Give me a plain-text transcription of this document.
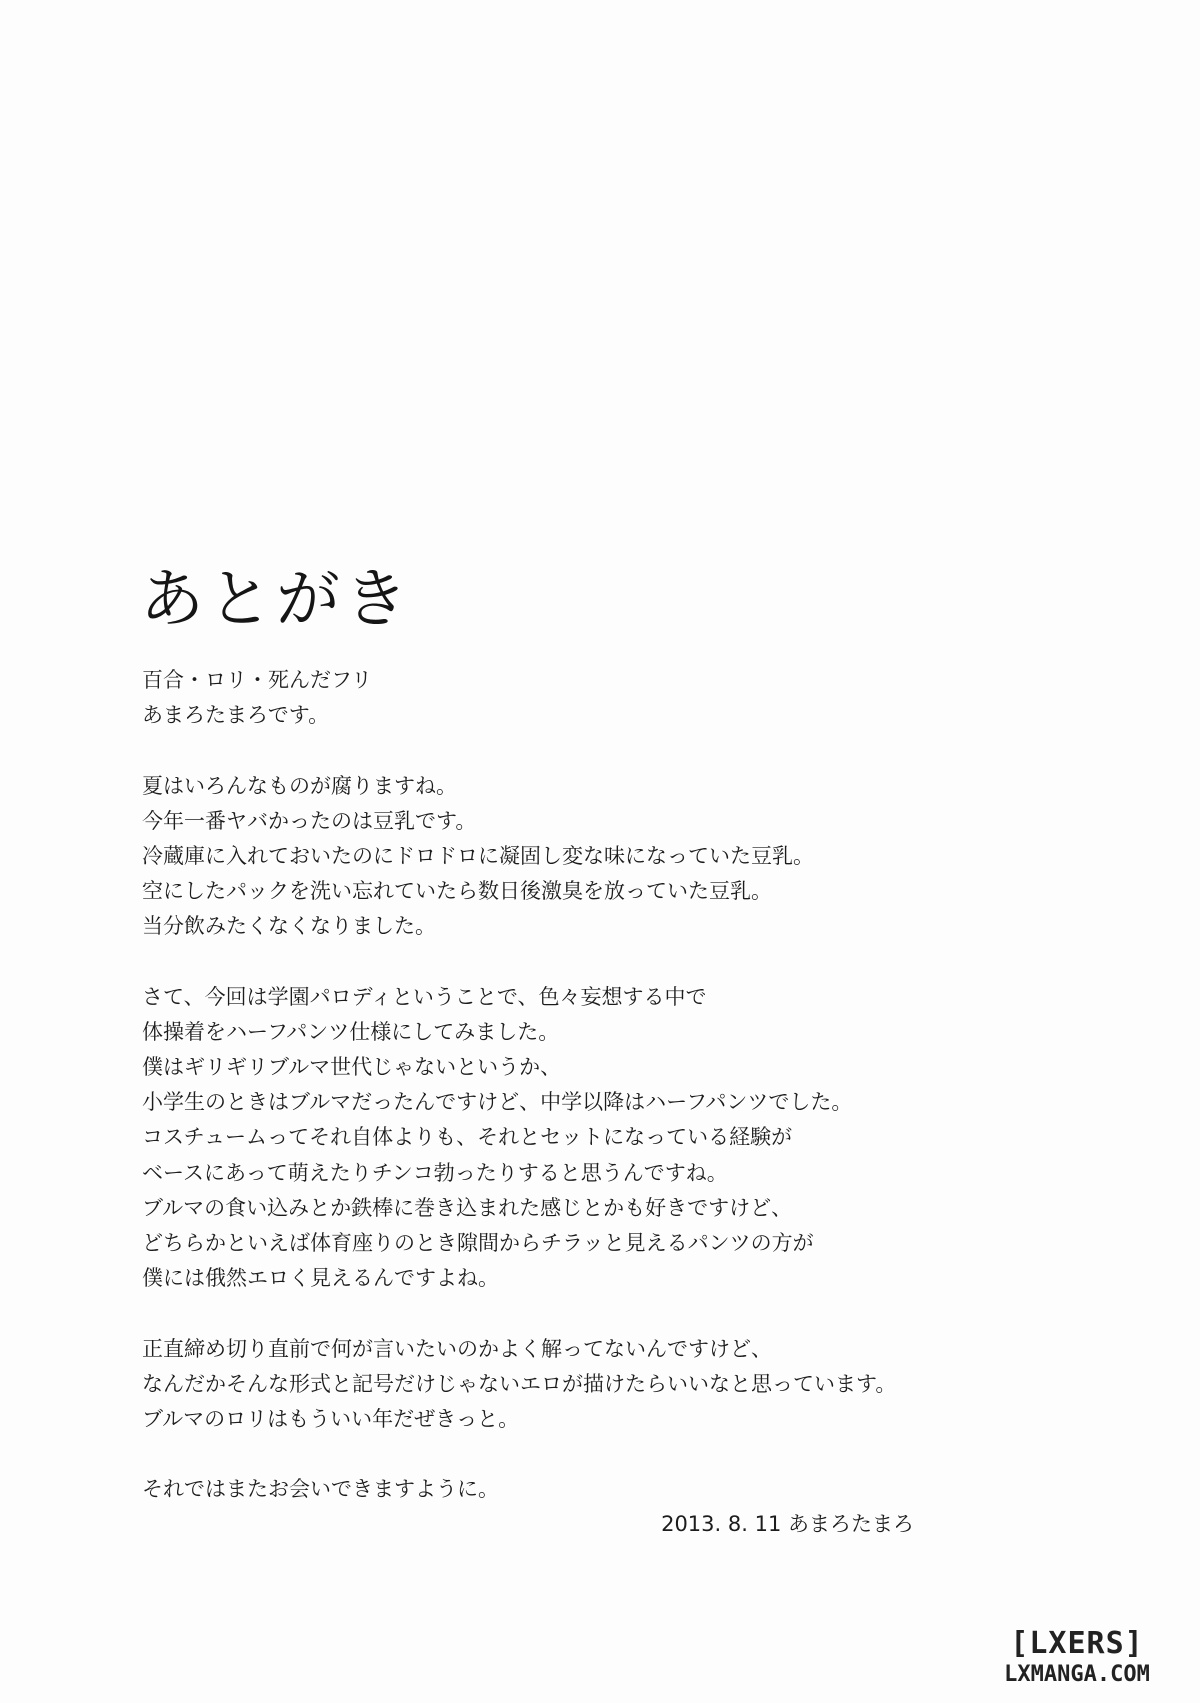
あとがき
百合・ロリ・死んだフリ
あまろたまろです。
夏はいろんなものが腐りますね。
今年一番ヤバかったのは豆乳です。
冷蔵庫に入れておいたのにドロドロに凝固し変な味になっていた豆乳。
空にしたパックを洗い忘れていたら数日後激臭を放っていた豆乳。
当分飲みたくなくなりました。
さて、今回は学園パロディということで、色々妄想する中で
体操着をハーフパンツ仕様にしてみました。
僕はギリギリブルマ世代じゃないというか、
小学生のときはブルマだったんですけど、中学以降はハーフパンツでした。
コスチュームってそれ自体よりも、それとセットになっている経験が
ベースにあって萌えたりチンコ勃ったりすると思うんですね。
ブルマの食い込みとか鉄棒に巻き込まれた感じとかも好きですけど、
どちらかといえば体育座りのとき隙間からチラッと見えるパンツの方が
僕には俄然エロく見えるんですよね。
正直締め切り直前で何が言いたいのかよく解ってないんですけど、
なんだかそんな形式と記号だけじゃないエロが描けたらいいなと思っています。
ブルマのロリはもういい年だぜきっと。
それではまたお会いできますように。
2013. 8. 11 あまろたまろ
[LXERS]
LXMANGA.COM
